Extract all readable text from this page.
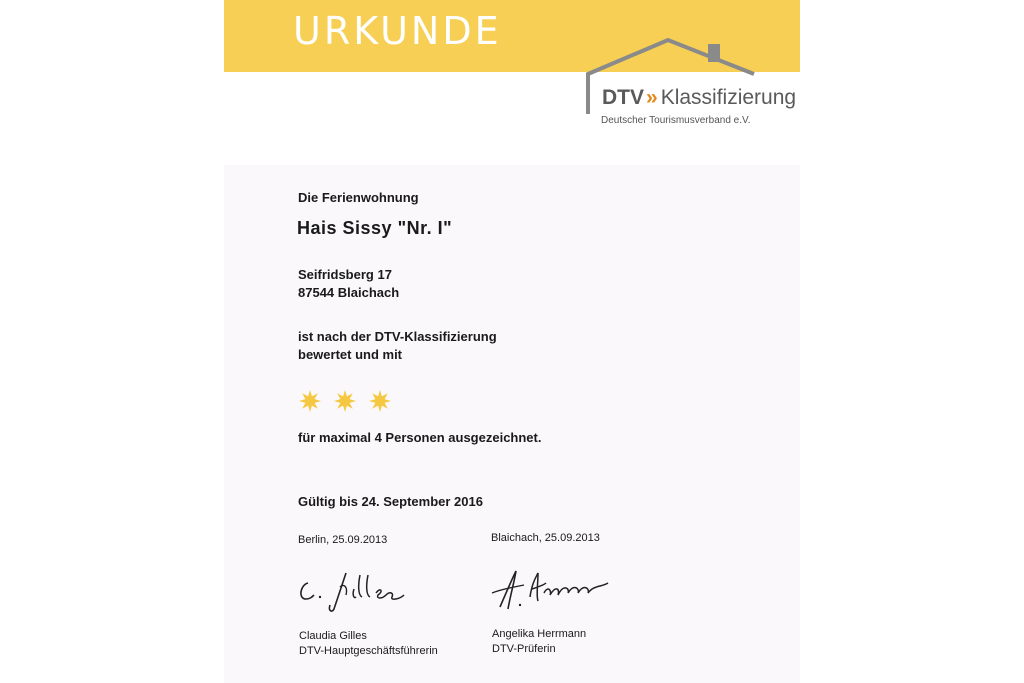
URKUNDE
DTV» Klassifizierung
Deutscher Tourismusverband e.V.
Die Ferienwohnung
Hais Sissy "Nr. I"
Seifridsberg 17
87544 Blaichach
ist nach der DTV-Klassifizierung
bewertet und mit
für maximal 4 Personen ausgezeichnet.
Gültig bis 24. September 2016
Berlin, 25.09.2013	Blaichach, 25.09.2013
Claudia Gilles
DTV-Hauptgeschäftsführerin
Angelika Herrmann
DTV-Prüferin
